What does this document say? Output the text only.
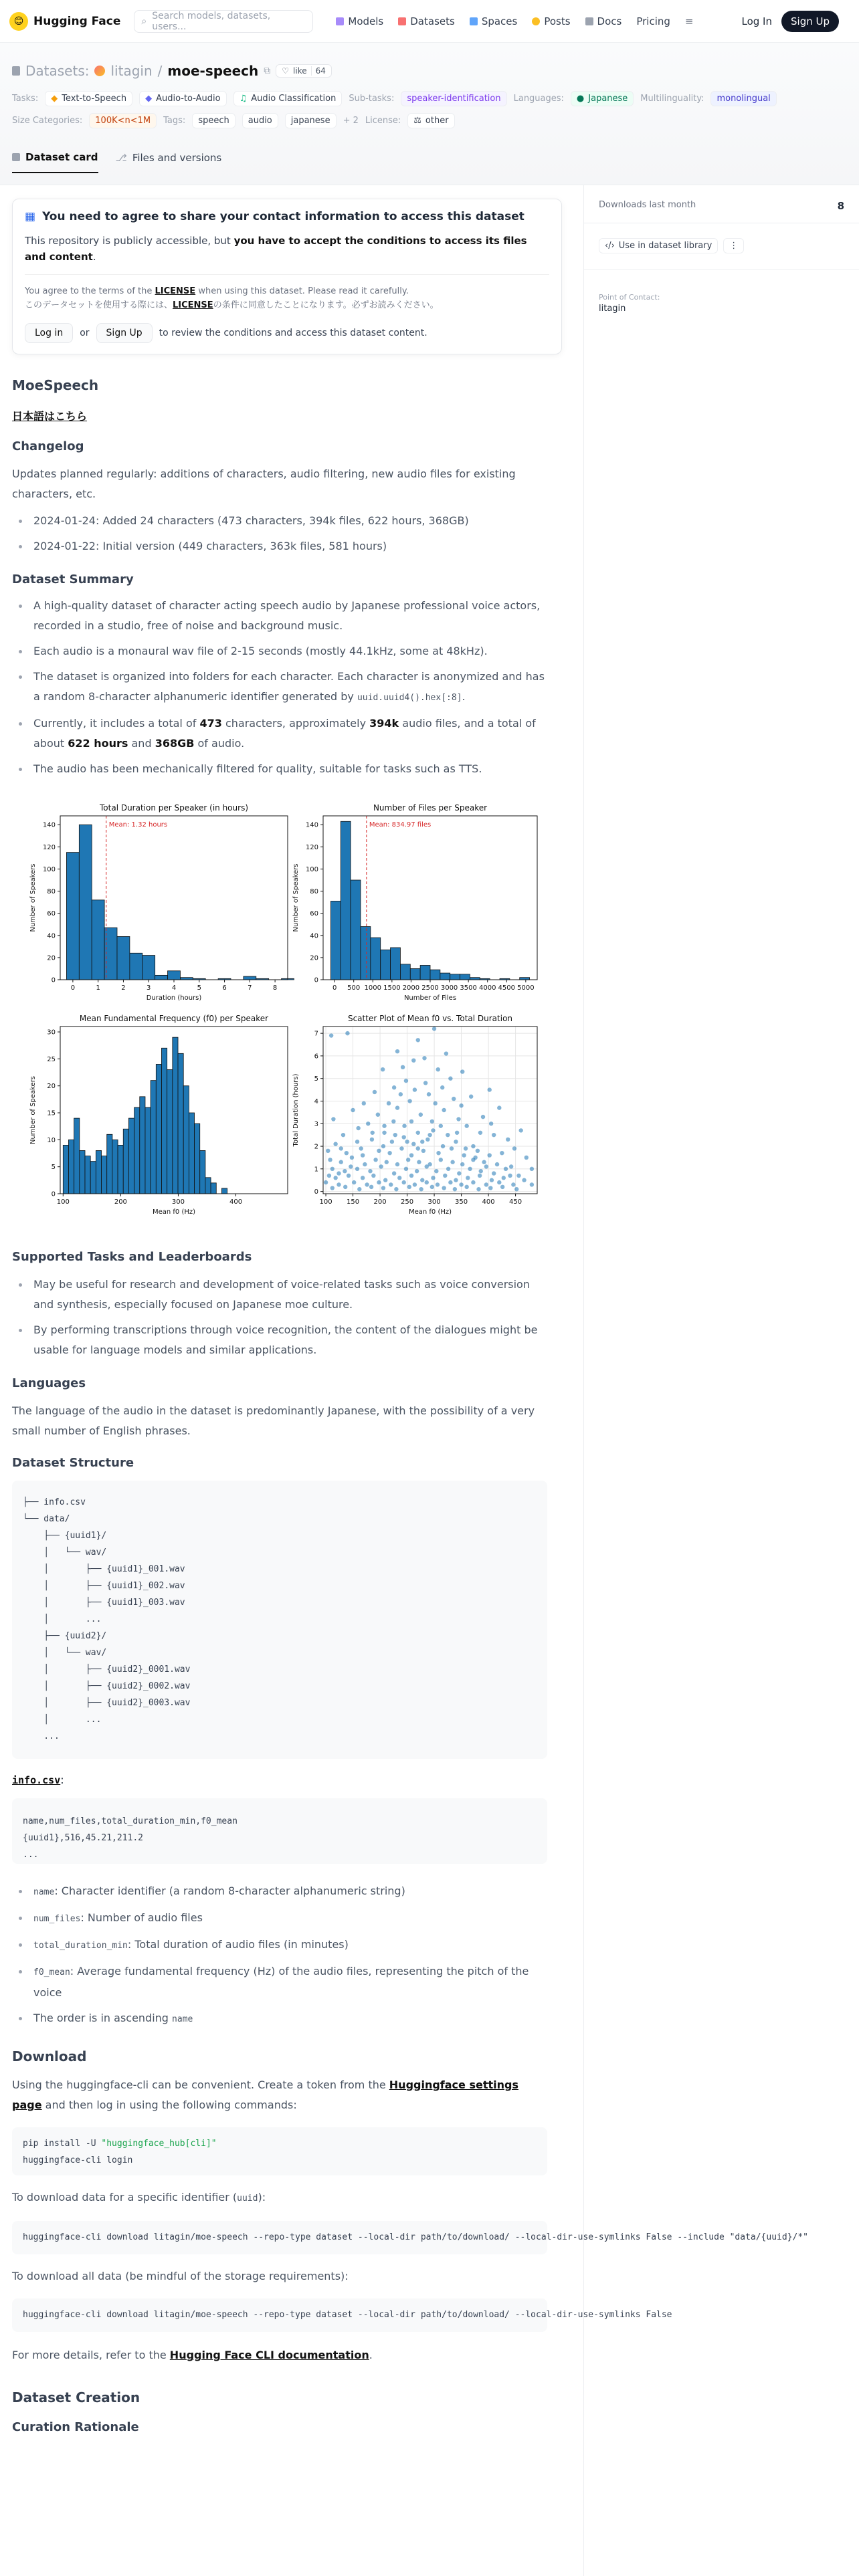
😊 Hugging Face ⌕ Search models, datasets, users...	Models	Datasets	Spaces	Posts	Docs Pricing ≡	Log In	Sign Up
Datasets: litagin / moe-speech ⧉ ♡ like	64
Tasks: ◆ Text-to-Speech ◆ Audio-to-Audio ♫ Audio Classification Sub-tasks: speaker-identification Languages: ● Japanese Multilinguality: monolingual
Size Categories: 100K<n<1M Tags: speech audio japanese + 2 License: ⚖ other
Dataset card ⎇ Files and versions
Downloads last month	8
‹/› Use in dataset library	⋮
Point of Contact:
litagin
▦ You need to agree to share your contact information to access this dataset

This repository is publicly accessible, but you have to accept the conditions to access its files and content.

You agree to the terms of the LICENSE when using this dataset. Please read it carefully.
このデータセットを使用する際には、LICENSEの条件に同意したことになります。必ずお読みください。
Log in	or	Sign Up	to review the conditions and access this dataset content.
MoeSpeech
日本語はこちら
Changelog

Updates planned regularly: additions of characters, audio filtering, new audio files for existing characters, etc.

2024-01-24: Added 24 characters (473 characters, 394k files, 622 hours, 368GB)
2024-01-22: Initial version (449 characters, 363k files, 581 hours)
Dataset Summary
A high-quality dataset of character acting speech audio by Japanese professional voice actors, recorded in a studio, free of noise and background music.
Each audio is a monaural wav file of 2-15 seconds (mostly 44.1kHz, some at 48kHz).
The dataset is organized into folders for each character. Each character is anonymized and has a random 8-character alphanumeric identifier generated by uuid.uuid4().hex[:8].
Currently, it includes a total of 473 characters, approximately 394k audio files, and a total of about 622 hours and 368GB of audio.
The audio has been mechanically filtered for quality, suitable for tasks such as TTS.
Total Duration per Speaker (in hours)
Mean: 1.32 hours
0	1	2	3	4	5	6	7	8
0
20
40
60
80
100
120
140
Duration (hours)
Number of Speakers
Number of Files per Speaker
Mean: 834.97 files
0 500 1000 1500 2000 2500 3000 3500 4000 4500 5000
0
20
40
60
80
100
120
140
Number of Files
Number of Speakers
Mean Fundamental Frequency (f0) per Speaker
100	200	300	400
0
5
10
15
20
25
30
Mean f0 (Hz)
Number of Speakers
Scatter Plot of Mean f0 vs. Total Duration
100 150 200 250 300 350 400 450
0
1
2
3
4
5
6
7
Mean f0 (Hz)
Total Duration (hours)
Supported Tasks and Leaderboards
May be useful for research and development of voice-related tasks such as voice conversion and synthesis, especially focused on Japanese moe culture.
By performing transcriptions through voice recognition, the content of the dialogues might be usable for language models and similar applications.
Languages

The language of the audio in the dataset is predominantly Japanese, with the possibility of a very small number of English phrases.

Dataset Structure
├── info.csv
└── data/
├── {uuid1}/
│   └── wav/
│       ├── {uuid1}_001.wav
│       ├── {uuid1}_002.wav
│       ├── {uuid1}_003.wav
│       ...
├── {uuid2}/
│   └── wav/
│       ├── {uuid2}_0001.wav
│       ├── {uuid2}_0002.wav
│       ├── {uuid2}_0003.wav
│       ...
...
info.csv:
name,num_files,total_duration_min,f0_mean
{uuid1},516,45.21,211.2
...
name: Character identifier (a random 8-character alphanumeric string)
num_files: Number of audio files
total_duration_min: Total duration of audio files (in minutes)
f0_mean: Average fundamental frequency (Hz) of the audio files, representing the pitch of the voice
The order is in ascending name
Download

Using the huggingface-cli can be convenient. Create a token from the Huggingface settings page and then log in using the following commands:

pip install -U "huggingface_hub[cli]"
huggingface-cli login

To download data for a specific identifier (uuid):

huggingface-cli download litagin/moe-speech --repo-type dataset --local-dir path/to/download/ --local-dir-use-symlinks False --include "data/{uuid}/*"

To download all data (be mindful of the storage requirements):

huggingface-cli download litagin/moe-speech --repo-type dataset --local-dir path/to/download/ --local-dir-use-symlinks False

For more details, refer to the Hugging Face CLI documentation.

Dataset Creation
Curation Rationale
